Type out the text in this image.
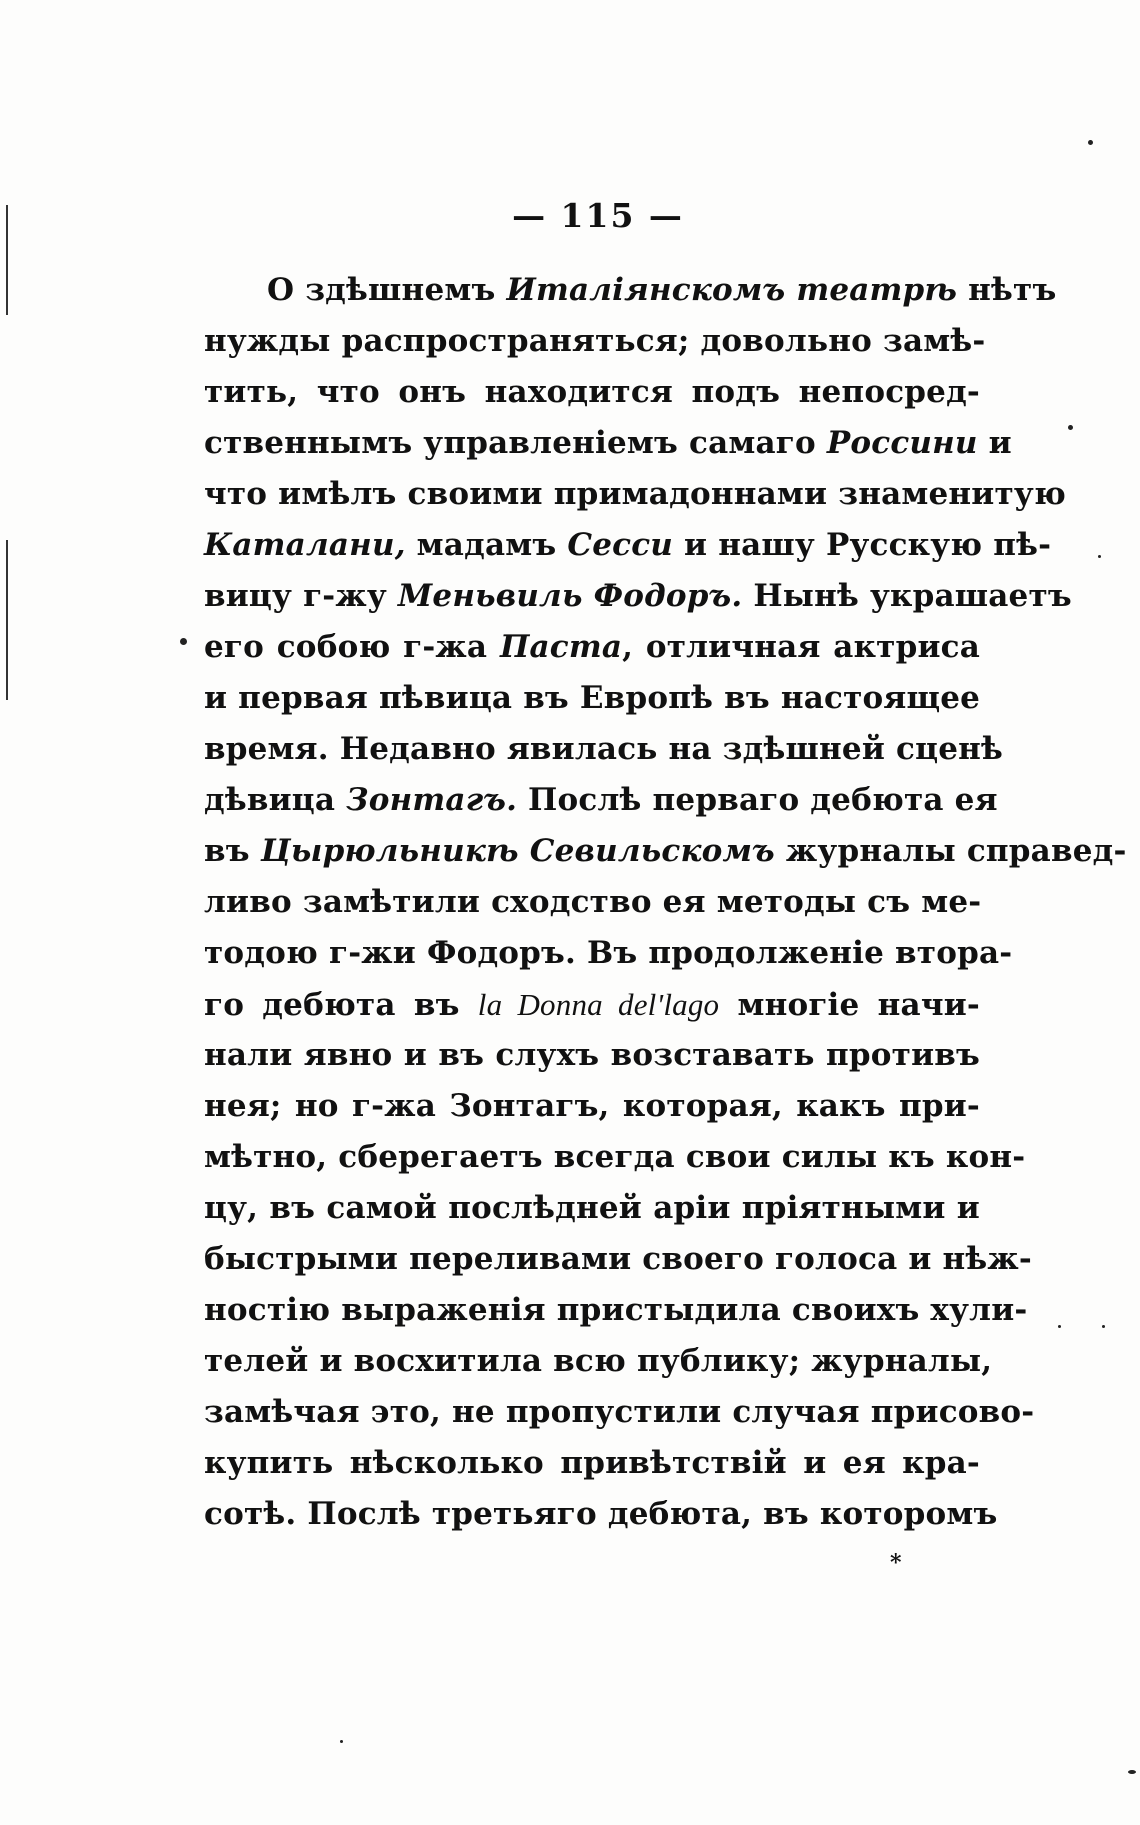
— 115 —
О здѣшнемъ Италіянскомъ театрѣ нѣтъ
нужды распространяться; довольно замѣ-
тить, что онъ находится подъ непосред-
ственнымъ управленіемъ самаго Россини и
что имѣлъ своими примадоннами знаменитую
Каталани, мадамъ Сесси и нашу Русскую пѣ-
вицу г-жу Меньвиль Фодоръ. Нынѣ украшаетъ
его собою г-жа Паста, отличная актриса
и первая пѣвица въ Европѣ въ настоящее
время. Недавно явилась на здѣшней сценѣ
дѣвица Зонтагъ. Послѣ перваго дебюта ея
въ Цырюльникѣ Севильскомъ журналы справед-
ливо замѣтили сходство ея методы съ ме-
тодою г-жи Фодоръ. Въ продолженіе втора-
го дебюта въ la Donna del'lago многіе начи-
нали явно и въ слухъ возставать противъ
нея; но г-жа Зонтагъ, которая, какъ при-
мѣтно, сберегаетъ всегда свои силы къ кон-
цу, въ самой послѣдней аріи пріятными и
быстрыми переливами своего голоса и нѣж-
ностію выраженія пристыдила своихъ хули-
телей и восхитила всю публику; журналы,
замѣчая это, не пропустили случая присово-
купить нѣсколько привѣтствій и ея кра-
сотѣ. Послѣ третьяго дебюта, въ которомъ
*
